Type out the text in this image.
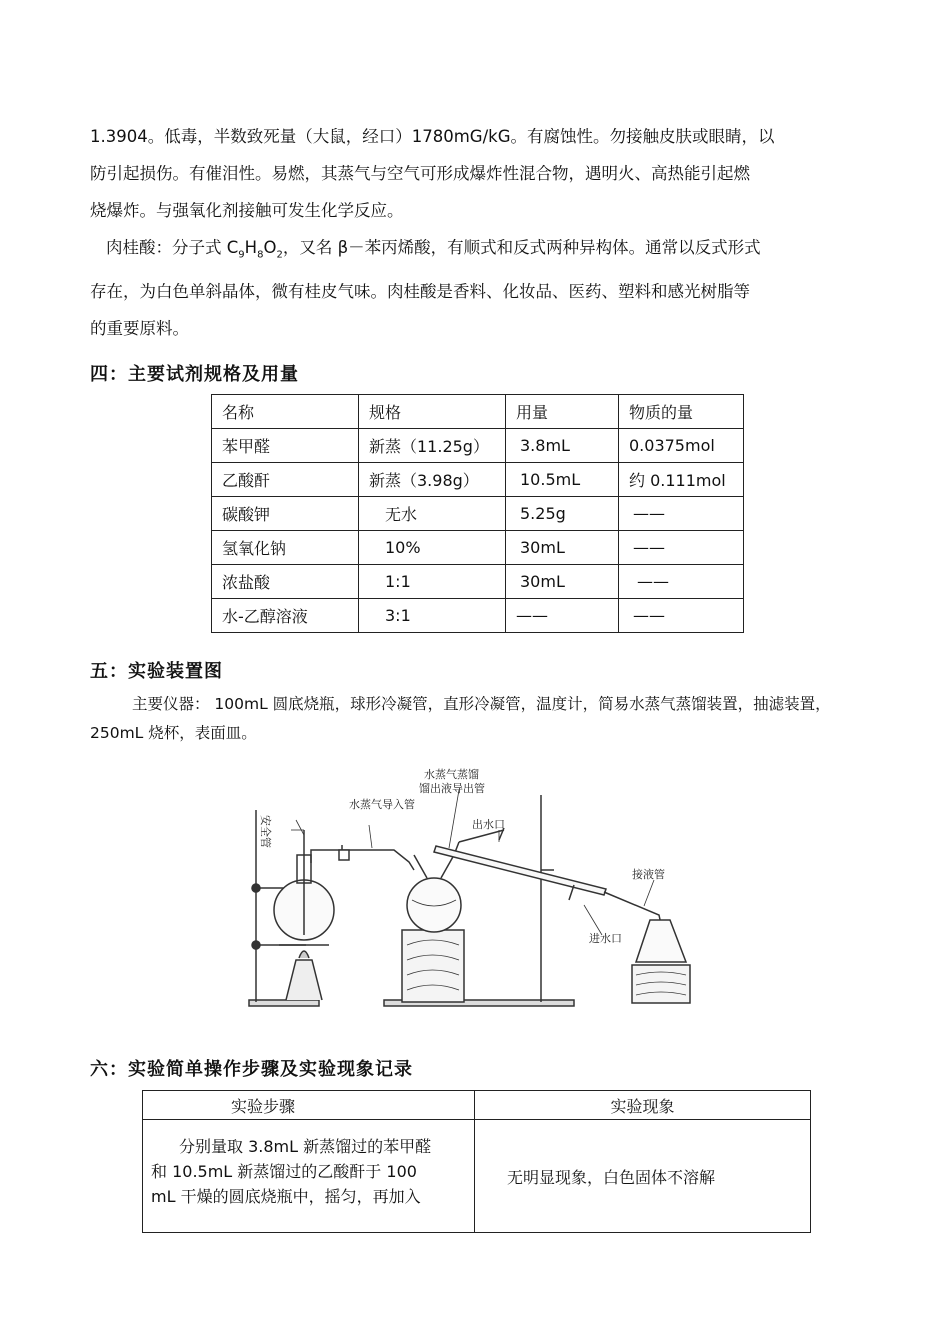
1.3904。低毒，半数致死量（大鼠，经口）1780mG/kG。有腐蚀性。勿接触皮肤或眼睛，以
防引起损伤。有催泪性。易燃，其蒸气与空气可形成爆炸性混合物，遇明火、高热能引起燃
烧爆炸。与强氧化剂接触可发生化学反应。
肉桂酸：分子式 $C_9H_8O_2$，又名 β－苯丙烯酸，有顺式和反式两种异构体。通常以反式形式
存在，为白色单斜晶体，微有桂皮气味。肉桂酸是香料、化妆品、医药、塑料和感光树脂等
的重要原料。

四：主要试剂规格及用量
名称	规格	用量	物质的量
苯甲醛	新蒸（11.25g）	3.8mL	0.0375mol
乙酸酐	新蒸（3.98g）	10.5mL	约 0.111mol
碳酸钾	无水	5.25g	——
氢氧化钠	10%	30mL	——
浓盐酸	1:1	30mL	——
水-乙醇溶液	3:1	——	——
五：实验装置图

主要仪器： 100mL 圆底烧瓶，球形冷凝管，直形冷凝管，温度计，简易水蒸气蒸馏装置，抽滤装置，250mL 烧杯，表面皿。

安全管
水蒸气导入管
水蒸气蒸馏
馏出液导出管
出水口
进水口
接液管
六：实验简单操作步骤及实验现象记录
实验步骤	实验现象
分别量取 3.8mL 新蒸馏过的苯甲醛
和 10.5mL 新蒸馏过的乙酸酐于 100
mL 干燥的圆底烧瓶中，摇匀，再加入	无明显现象，白色固体不溶解
